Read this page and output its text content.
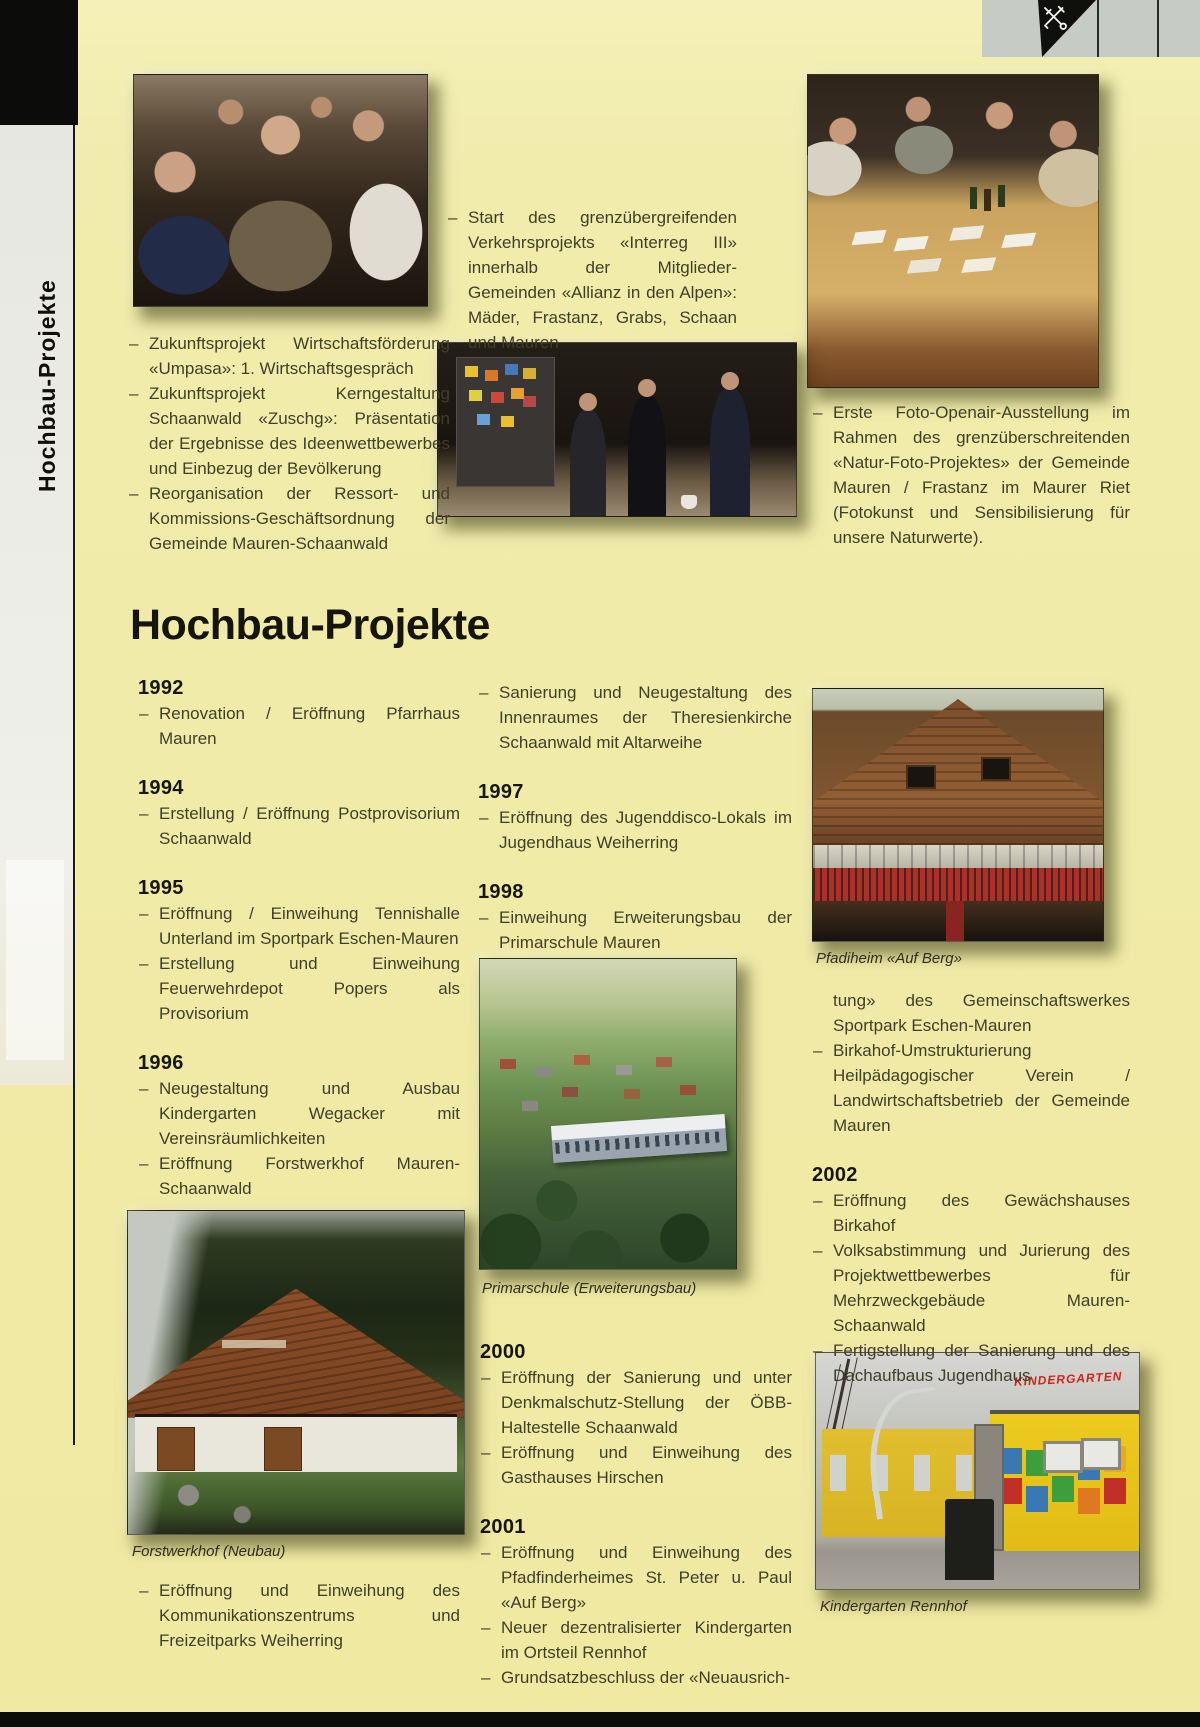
Hochbau-Projekte
KINDERGARTEN
Pfadiheim «Auf Berg»
Primarschule (Erweiterungsbau)
Forstwerkhof (Neubau)
Kindergarten Rennhof

– Zukunftsprojekt Wirtschaftsförderung «Umpasa»: 1. Wirtschaftsgespräch

– Zukunftsprojekt Kerngestaltung Schaanwald «Zuschg»: Präsentation der Ergebnisse des Ideenwettbewerbes und Einbezug der Bevölkerung

– Reorganisation der Ressort- und Kommissions-Geschäftsordnung der Gemeinde Mauren-Schaanwald

– Start des grenzübergreifenden Verkehrsprojekts «Interreg III» innerhalb der Mitglieder-Gemeinden «Allianz in den Alpen»: Mäder, Frastanz, Grabs, Schaan und Mauren

– Erste Foto-Openair-Ausstellung im Rahmen des grenzüberschreitenden «Natur-Foto-Projektes» der Gemeinde Mauren / Frastanz im Maurer Riet (Fotokunst und Sensibilisierung für unsere Naturwerte).

Hochbau-Projekte
1992

– Renovation / Eröffnung Pfarrhaus Mauren

1994

– Erstellung / Eröffnung Postprovisorium Schaanwald

1995

– Eröffnung / Einweihung Tennishalle Unterland im Sportpark Eschen-Mauren

– Erstellung und Einweihung Feuerwehrdepot Popers als Provisorium

1996

– Neugestaltung und Ausbau Kindergarten Wegacker mit Vereinsräumlichkeiten

– Eröffnung Forstwerkhof Mauren-Schaanwald

– Eröffnung und Einweihung des Kommunikationszentrums und Freizeitparks Weiherring

– Sanierung und Neugestaltung des Innenraumes der Theresienkirche Schaanwald mit Altarweihe

1997

– Eröffnung des Jugenddisco-Lokals im Jugendhaus Weiherring

1998

– Einweihung Erweiterungsbau der Primarschule Mauren

2000

– Eröffnung der Sanierung und unter Denkmalschutz-Stellung der ÖBB-Haltestelle Schaanwald

– Eröffnung und Einweihung des Gasthauses Hirschen

2001

– Eröffnung und Einweihung des Pfadfinderheimes St. Peter u. Paul «Auf Berg»

– Neuer dezentralisierter Kindergarten im Ortsteil Rennhof

– Grundsatzbeschluss der «Neuausrich-

tung» des Gemeinschaftswerkes Sportpark Eschen-Mauren

– Birkahof-Umstrukturierung Heilpädagogischer Verein / Landwirtschaftsbetrieb der Gemeinde Mauren

2002

– Eröffnung des Gewächshauses Birkahof

– Volksabstimmung und Jurierung des Projektwettbewerbes für Mehrzweckgebäude Mauren-Schaanwald

– Fertigstellung der Sanierung und des Dachaufbaus Jugendhaus
